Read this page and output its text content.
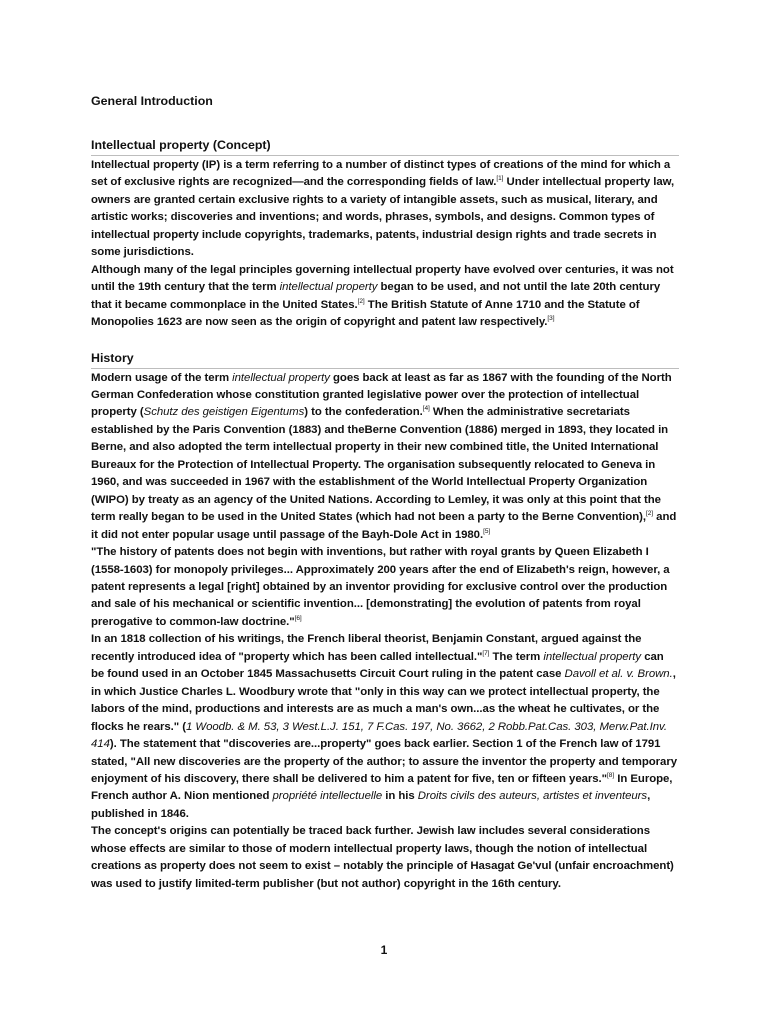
General Introduction
Intellectual property (Concept)

Intellectual property (IP) is a term referring to a number of distinct types of creations of the mind for which a set of exclusive rights are recognized—and the corresponding fields of law.[1] Under intellectual property law, owners are granted certain exclusive rights to a variety of intangible assets, such as musical, literary, and artistic works; discoveries and inventions; and words, phrases, symbols, and designs. Common types of intellectual property include copyrights, trademarks, patents, industrial design rights and trade secrets in some jurisdictions.

Although many of the legal principles governing intellectual property have evolved over centuries, it was not until the 19th century that the term intellectual property began to be used, and not until the late 20th century that it became commonplace in the United States.[2] The British Statute of Anne 1710 and the Statute of Monopolies 1623 are now seen as the origin of copyright and patent law respectively.[3]

History

Modern usage of the term intellectual property goes back at least as far as 1867 with the founding of the North German Confederation whose constitution granted legislative power over the protection of intellectual property (Schutz des geistigen Eigentums) to the confederation.[4] When the administrative secretariats established by the Paris Convention (1883) and theBerne Convention (1886) merged in 1893, they located in Berne, and also adopted the term intellectual property in their new combined title, the United International Bureaux for the Protection of Intellectual Property. The organisation subsequently relocated to Geneva in 1960, and was succeeded in 1967 with the establishment of the World Intellectual Property Organization (WIPO) by treaty as an agency of the United Nations. According to Lemley, it was only at this point that the term really began to be used in the United States (which had not been a party to the Berne Convention),[2] and it did not enter popular usage until passage of the Bayh-Dole Act in 1980.[5]

"The history of patents does not begin with inventions, but rather with royal grants by Queen Elizabeth I (1558-1603) for monopoly privileges... Approximately 200 years after the end of Elizabeth's reign, however, a patent represents a legal [right] obtained by an inventor providing for exclusive control over the production and sale of his mechanical or scientific invention... [demonstrating] the evolution of patents from royal prerogative to common-law doctrine."[6]

In an 1818 collection of his writings, the French liberal theorist, Benjamin Constant, argued against the recently introduced idea of "property which has been called intellectual."[7] The term intellectual property can be found used in an October 1845 Massachusetts Circuit Court ruling in the patent case Davoll et al. v. Brown., in which Justice Charles L. Woodbury wrote that "only in this way can we protect intellectual property, the labors of the mind, productions and interests are as much a man's own...as the wheat he cultivates, or the flocks he rears." (1 Woodb. & M. 53, 3 West.L.J. 151, 7 F.Cas. 197, No. 3662, 2 Robb.Pat.Cas. 303, Merw.Pat.Inv. 414). The statement that "discoveries are...property" goes back earlier. Section 1 of the French law of 1791 stated, "All new discoveries are the property of the author; to assure the inventor the property and temporary enjoyment of his discovery, there shall be delivered to him a patent for five, ten or fifteen years."[8] In Europe, French author A. Nion mentioned propriété intellectuelle in his Droits civils des auteurs, artistes et inventeurs, published in 1846.

The concept's origins can potentially be traced back further. Jewish law includes several considerations whose effects are similar to those of modern intellectual property laws, though the notion of intellectual creations as property does not seem to exist – notably the principle of Hasagat Ge'vul (unfair encroachment) was used to justify limited-term publisher (but not author) copyright in the 16th century.

1
